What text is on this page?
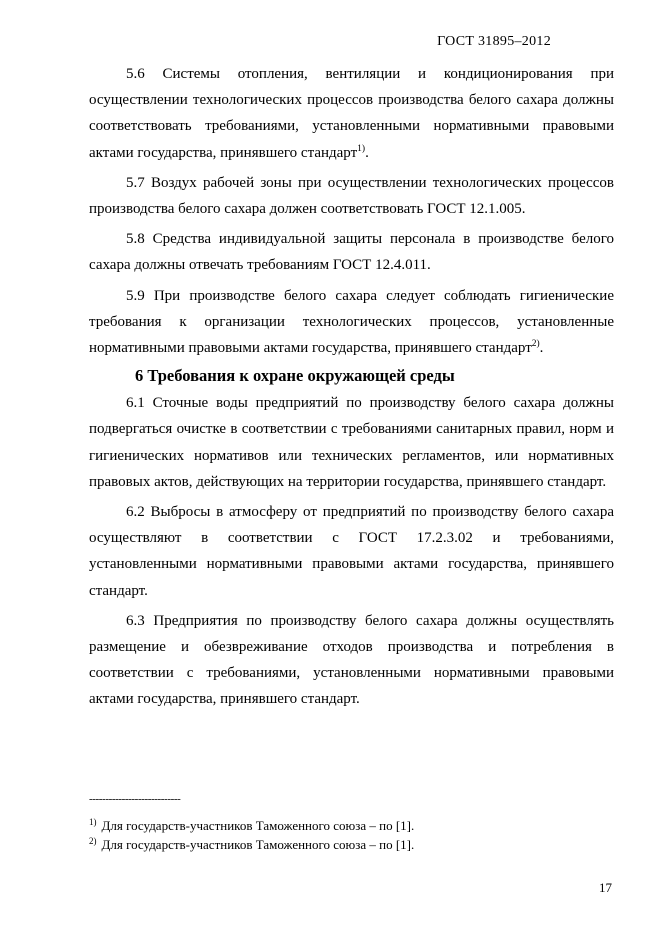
ГОСТ 31895–2012

5.6 Системы отопления, вентиляции и кондиционирования при осуществлении технологических процессов производства белого сахара должны соответствовать требованиями, установленными нормативными правовыми актами государства, принявшего стандарт$^{1)}$.

5.7 Воздух рабочей зоны при осуществлении технологических процессов производства белого сахара должен соответствовать ГОСТ 12.1.005.

5.8 Средства индивидуальной защиты персонала в производстве белого сахара должны отвечать требованиям ГОСТ 12.4.011.

5.9 При производстве белого сахара следует соблюдать гигиенические требования к организации технологических процессов, установленные нормативными правовыми актами государства, принявшего стандарт$^{2)}$.

6 Требования к охране окружающей среды

6.1 Сточные воды предприятий по производству белого сахара должны подвергаться очистке в соответствии с требованиями санитарных правил, норм и гигиенических нормативов или технических регламентов, или нормативных правовых актов, действующих на территории государства, принявшего стандарт.

6.2 Выбросы в атмосферу от предприятий по производству белого сахара осуществляют в соответствии с ГОСТ 17.2.3.02 и требованиями, установленными нормативными правовыми актами государства, принявшего стандарт.

6.3 Предприятия по производству белого сахара должны осуществлять размещение и обезвреживание отходов производства и потребления в соответствии с требованиями, установленными нормативными правовыми актами государства, принявшего стандарт.

----------------------------
$^{1)}$ Для государств-участников Таможенного союза – по [1].
$^{2)}$ Для государств-участников Таможенного союза – по [1].
17
